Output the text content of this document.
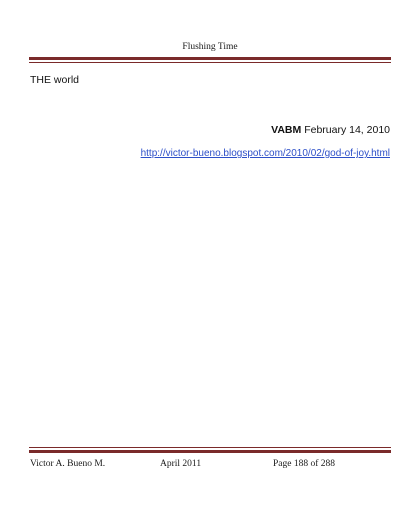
Flushing Time
THE world
VABM February 14, 2010
http://victor-bueno.blogspot.com/2010/02/god-of-joy.html
Victor A. Bueno M.	April 2011	Page 188 of 288
